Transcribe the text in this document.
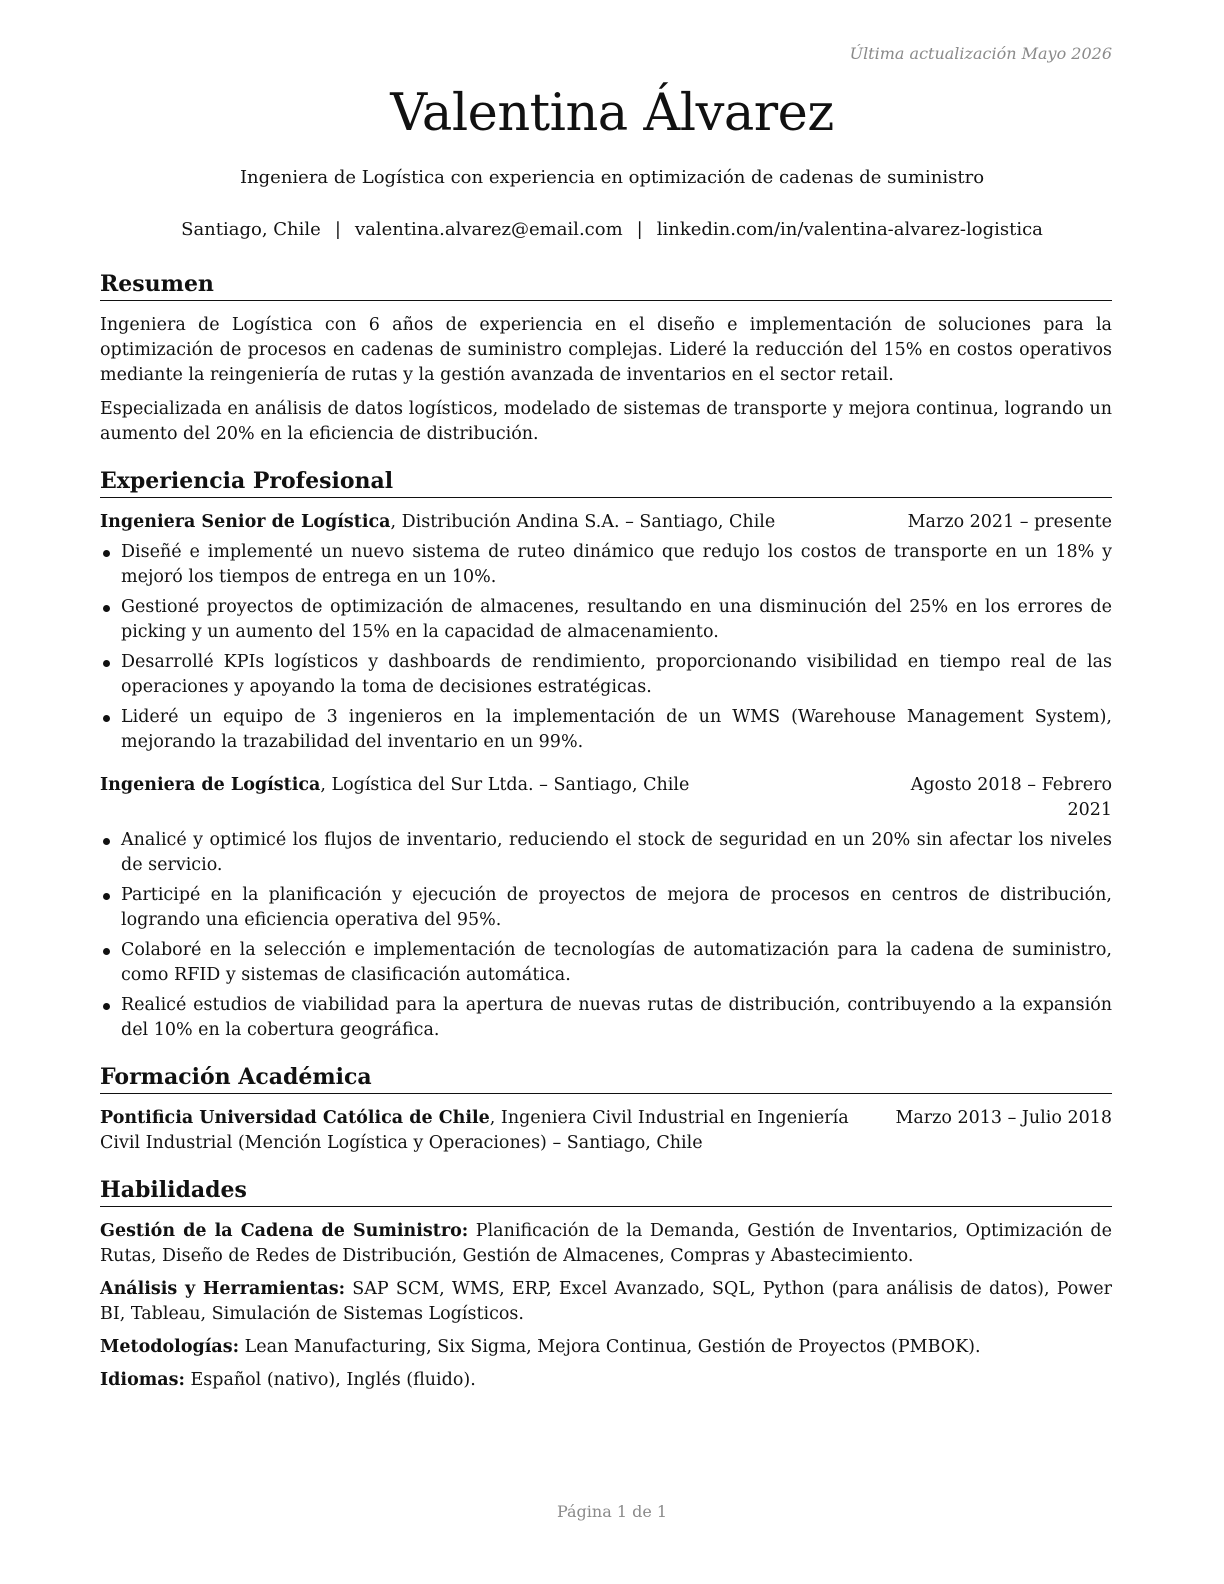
Última actualización Mayo 2026
Valentina Álvarez
Ingeniera de Logística con experiencia en optimización de cadenas de suministro
Santiago, Chile | valentina.alvarez@email.com | linkedin.com/in/valentina-alvarez-logistica
Resumen

Ingeniera de Logística con 6 años de experiencia en el diseño e implementación de soluciones para la optimización de procesos en cadenas de suministro complejas. Lideré la reducción del 15% en costos operativos mediante la reingeniería de rutas y la gestión avanzada de inventarios en el sector retail.

Especializada en análisis de datos logísticos, modelado de sistemas de transporte y mejora continua, logrando un aumento del 20% en la eficiencia de distribución.

Experiencia Profesional
Ingeniera Senior de Logística, Distribución Andina S.A. – Santiago, Chile	Marzo 2021 – presente
Diseñé e implementé un nuevo sistema de ruteo dinámico que redujo los costos de transporte en un 18% y mejoró los tiempos de entrega en un 10%.
Gestioné proyectos de optimización de almacenes, resultando en una disminución del 25% en los errores de picking y un aumento del 15% en la capacidad de almacenamiento.
Desarrollé KPIs logísticos y dashboards de rendimiento, proporcionando visibilidad en tiempo real de las operaciones y apoyando la toma de decisiones estratégicas.
Lideré un equipo de 3 ingenieros en la implementación de un WMS (Warehouse Management System), mejorando la trazabilidad del inventario en un 99%.
Ingeniera de Logística, Logística del Sur Ltda. – Santiago, Chile	Agosto 2018 – Febrero 2021
Analicé y optimicé los flujos de inventario, reduciendo el stock de seguridad en un 20% sin afectar los niveles de servicio.
Participé en la planificación y ejecución de proyectos de mejora de procesos en centros de distribución, logrando una eficiencia operativa del 95%.
Colaboré en la selección e implementación de tecnologías de automatización para la cadena de suministro, como RFID y sistemas de clasificación automática.
Realicé estudios de viabilidad para la apertura de nuevas rutas de distribución, contribuyendo a la expansión del 10% en la cobertura geográfica.
Formación Académica
Pontificia Universidad Católica de Chile, Ingeniera Civil Industrial en Ingeniería Civil Industrial (Mención Logística y Operaciones) – Santiago, Chile
Marzo 2013 – Julio 2018
Habilidades

Gestión de la Cadena de Suministro: Planificación de la Demanda, Gestión de Inventarios, Optimización de Rutas, Diseño de Redes de Distribución, Gestión de Almacenes, Compras y Abastecimiento.

Análisis y Herramientas: SAP SCM, WMS, ERP, Excel Avanzado, SQL, Python (para análisis de datos), Power BI, Tableau, Simulación de Sistemas Logísticos.

Metodologías: Lean Manufacturing, Six Sigma, Mejora Continua, Gestión de Proyectos (PMBOK).

Idiomas: Español (nativo), Inglés (fluido).

Página 1 de 1
